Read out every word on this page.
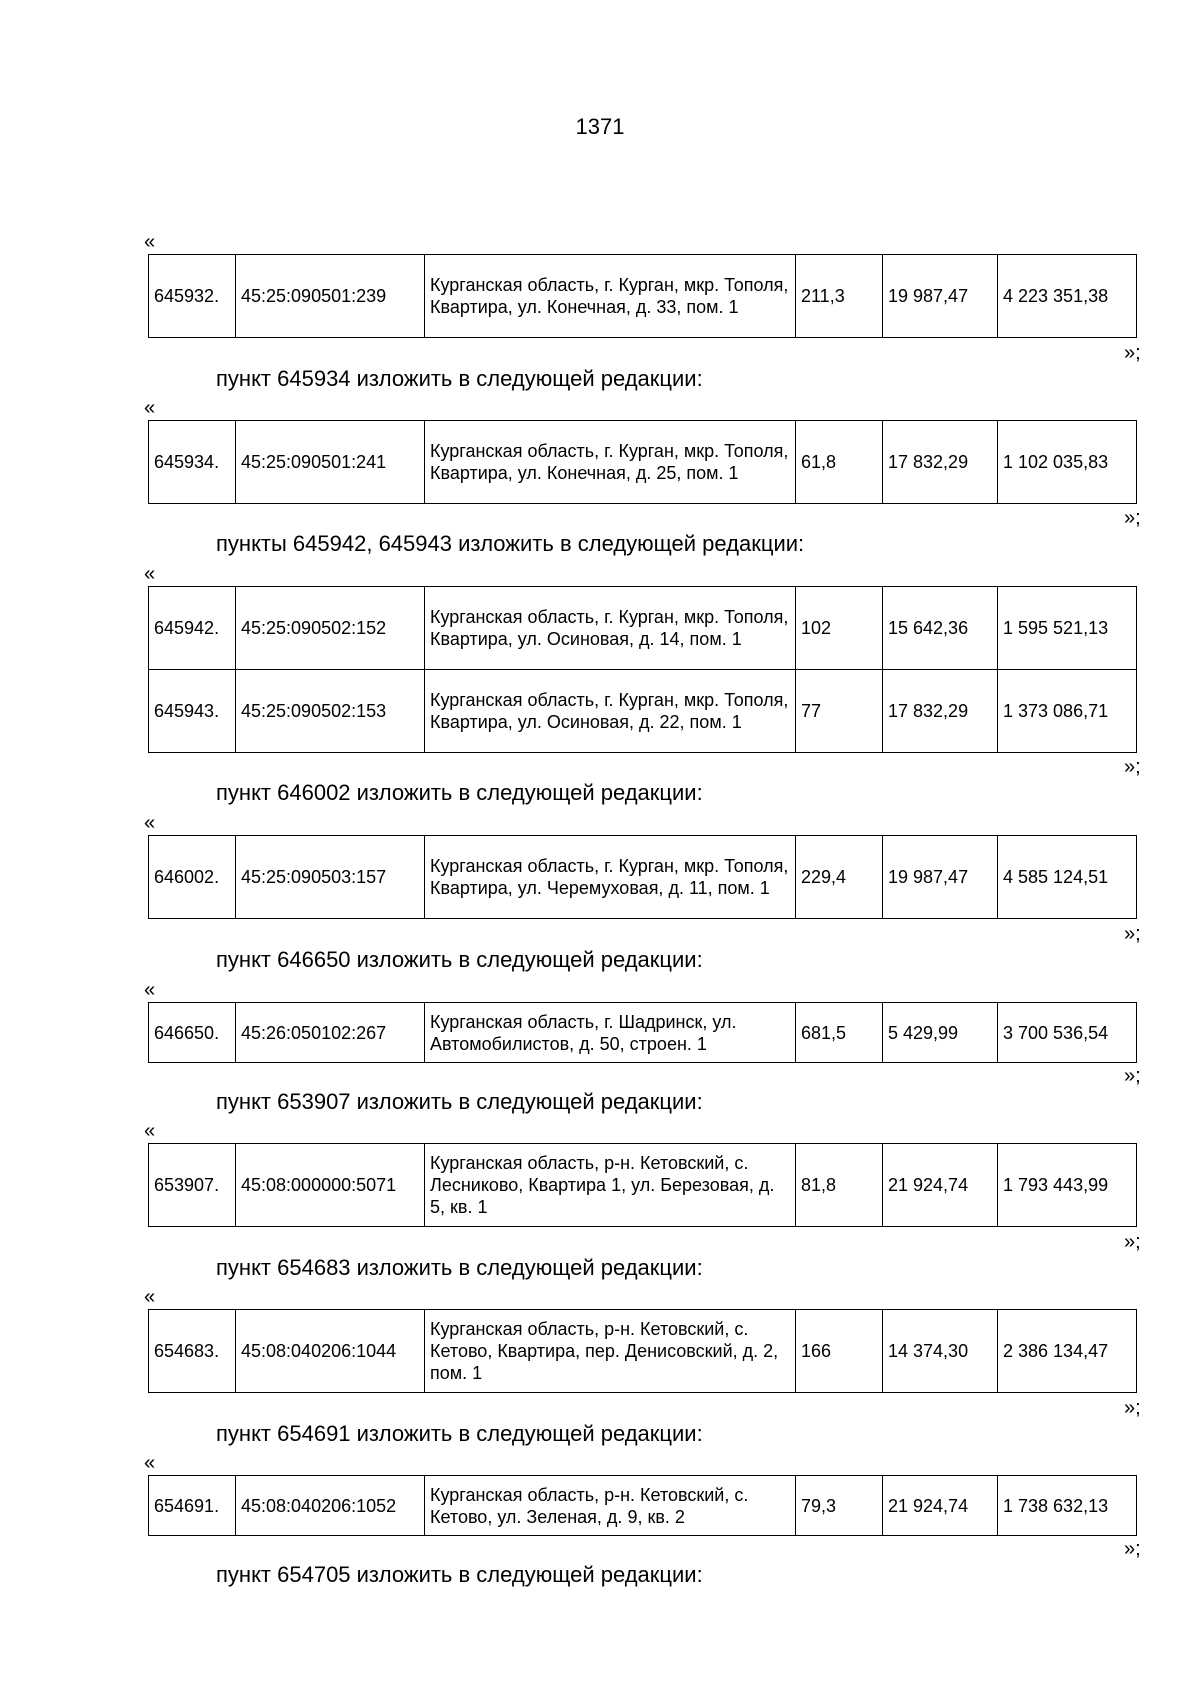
1371
«
645932.	45:25:090501:239	Курганская область, г. Курган, мкр. Тополя, Квартира, ул. Конечная, д. 33, пом. 1	211,3	19 987,47	4 223 351,38
»;
пункт 645934 изложить в следующей редакции:
«
645934.	45:25:090501:241	Курганская область, г. Курган, мкр. Тополя, Квартира, ул. Конечная, д. 25, пом. 1	61,8	17 832,29	1 102 035,83
»;
пункты 645942, 645943 изложить в следующей редакции:
«
645942.	45:25:090502:152	Курганская область, г. Курган, мкр. Тополя, Квартира, ул. Осиновая, д. 14, пом. 1	102	15 642,36	1 595 521,13
645943.	45:25:090502:153	Курганская область, г. Курган, мкр. Тополя, Квартира, ул. Осиновая, д. 22, пом. 1	77	17 832,29	1 373 086,71
»;
пункт 646002 изложить в следующей редакции:
«
646002.	45:25:090503:157	Курганская область, г. Курган, мкр. Тополя, Квартира, ул. Черемуховая, д. 11, пом. 1	229,4	19 987,47	4 585 124,51
»;
пункт 646650 изложить в следующей редакции:
«
646650.	45:26:050102:267	Курганская область, г. Шадринск, ул. Автомобилистов, д. 50, строен. 1	681,5	5 429,99	3 700 536,54
»;
пункт 653907 изложить в следующей редакции:
«
653907.	45:08:000000:5071	Курганская область, р-н. Кетовский, с. Лесниково, Квартира 1, ул. Березовая, д. 5, кв. 1	81,8	21 924,74	1 793 443,99
»;
пункт 654683 изложить в следующей редакции:
«
654683.	45:08:040206:1044	Курганская область, р-н. Кетовский, с. Кетово, Квартира, пер. Денисовский, д. 2, пом. 1	166	14 374,30	2 386 134,47
»;
пункт 654691 изложить в следующей редакции:
«
654691.	45:08:040206:1052	Курганская область, р-н. Кетовский, с. Кетово, ул. Зеленая, д. 9, кв. 2	79,3	21 924,74	1 738 632,13
»;
пункт 654705 изложить в следующей редакции:
